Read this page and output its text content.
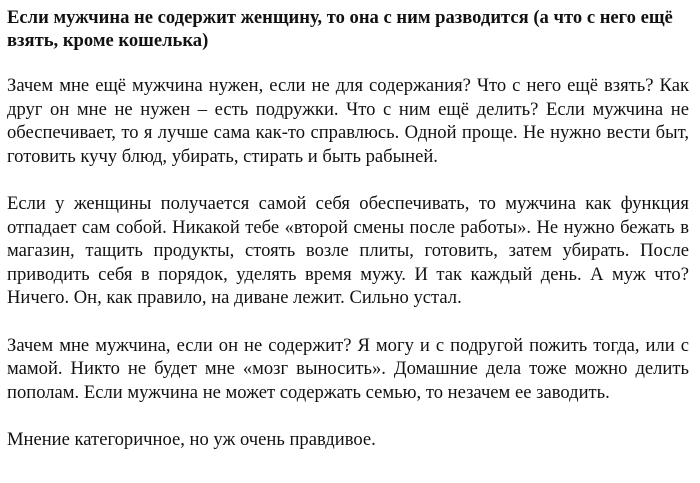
Если мужчина не содержит женщину, то она с ним разводится (а что с него ещё взять, кроме кошелька)

Зачем мне ещё мужчина нужен, если не для содержания? Что с него ещё взять? Как друг он мне не нужен – есть подружки. Что с ним ещё делить? Если мужчина не обеспечивает, то я лучше сама как-то справлюсь. Одной проще. Не нужно вести быт, готовить кучу блюд, убирать, стирать и быть рабыней.

Если у женщины получается самой себя обеспечивать, то мужчина как функция отпадает сам собой. Никакой тебе «второй смены после работы». Не нужно бежать в магазин, тащить продукты, стоять возле плиты, готовить, затем убирать. После приводить себя в порядок, уделять время мужу. И так каждый день. А муж что? Ничего. Он, как правило, на диване лежит. Сильно устал.

Зачем мне мужчина, если он не содержит? Я могу и с подругой пожить тогда, или с мамой. Никто не будет мне «мозг выносить». Домашние дела тоже можно делить пополам. Если мужчина не может содержать семью, то незачем ее заводить.

Мнение категоричное, но уж очень правдивое.
